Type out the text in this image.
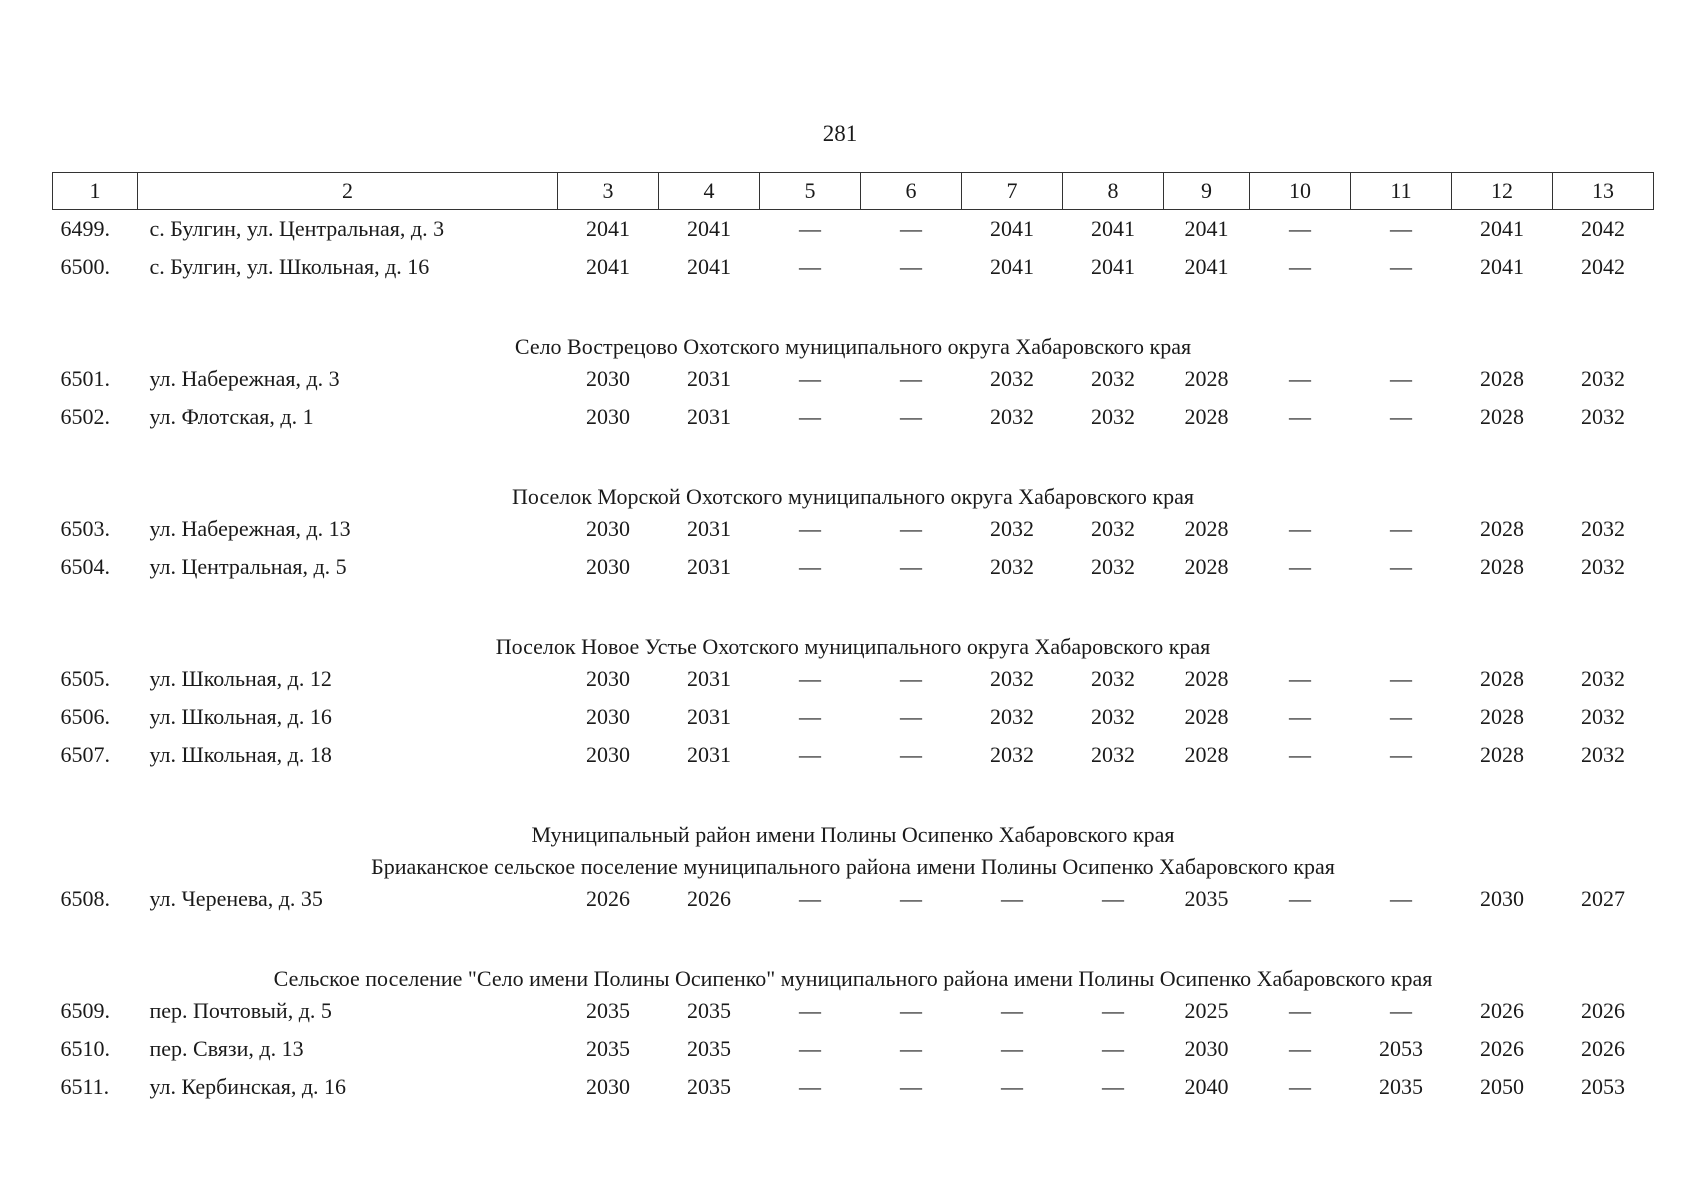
281
1	2	3	4	5	6	7	8	9	10	11	12	13
6499.	с. Булгин, ул. Центральная, д. 3	2041	2041	—	—	2041	2041	2041	—	—	2041	2042
6500.	с. Булгин, ул. Школьная, д. 16	2041	2041	—	—	2041	2041	2041	—	—	2041	2042
Село Вострецово Охотского муниципального округа Хабаровского края												
6501.	ул. Набережная, д. 3	2030	2031	—	—	2032	2032	2028	—	—	2028	2032
6502.	ул. Флотская, д. 1	2030	2031	—	—	2032	2032	2028	—	—	2028	2032
Поселок Морской Охотского муниципального округа Хабаровского края												
6503.	ул. Набережная, д. 13	2030	2031	—	—	2032	2032	2028	—	—	2028	2032
6504.	ул. Центральная, д. 5	2030	2031	—	—	2032	2032	2028	—	—	2028	2032
Поселок Новое Устье Охотского муниципального округа Хабаровского края												
6505.	ул. Школьная, д. 12	2030	2031	—	—	2032	2032	2028	—	—	2028	2032
6506.	ул. Школьная, д. 16	2030	2031	—	—	2032	2032	2028	—	—	2028	2032
6507.	ул. Школьная, д. 18	2030	2031	—	—	2032	2032	2028	—	—	2028	2032
Муниципальный район имени Полины Осипенко Хабаровского края												
Бриаканское сельское поселение муниципального района имени Полины Осипенко Хабаровского края												
6508.	ул. Черенева, д. 35	2026	2026	—	—	—	—	2035	—	—	2030	2027
Сельское поселение "Село имени Полины Осипенко" муниципального района имени Полины Осипенко Хабаровского края												
6509.	пер. Почтовый, д. 5	2035	2035	—	—	—	—	2025	—	—	2026	2026
6510.	пер. Связи, д. 13	2035	2035	—	—	—	—	2030	—	2053	2026	2026
6511.	ул. Кербинская, д. 16	2030	2035	—	—	—	—	2040	—	2035	2050	2053
